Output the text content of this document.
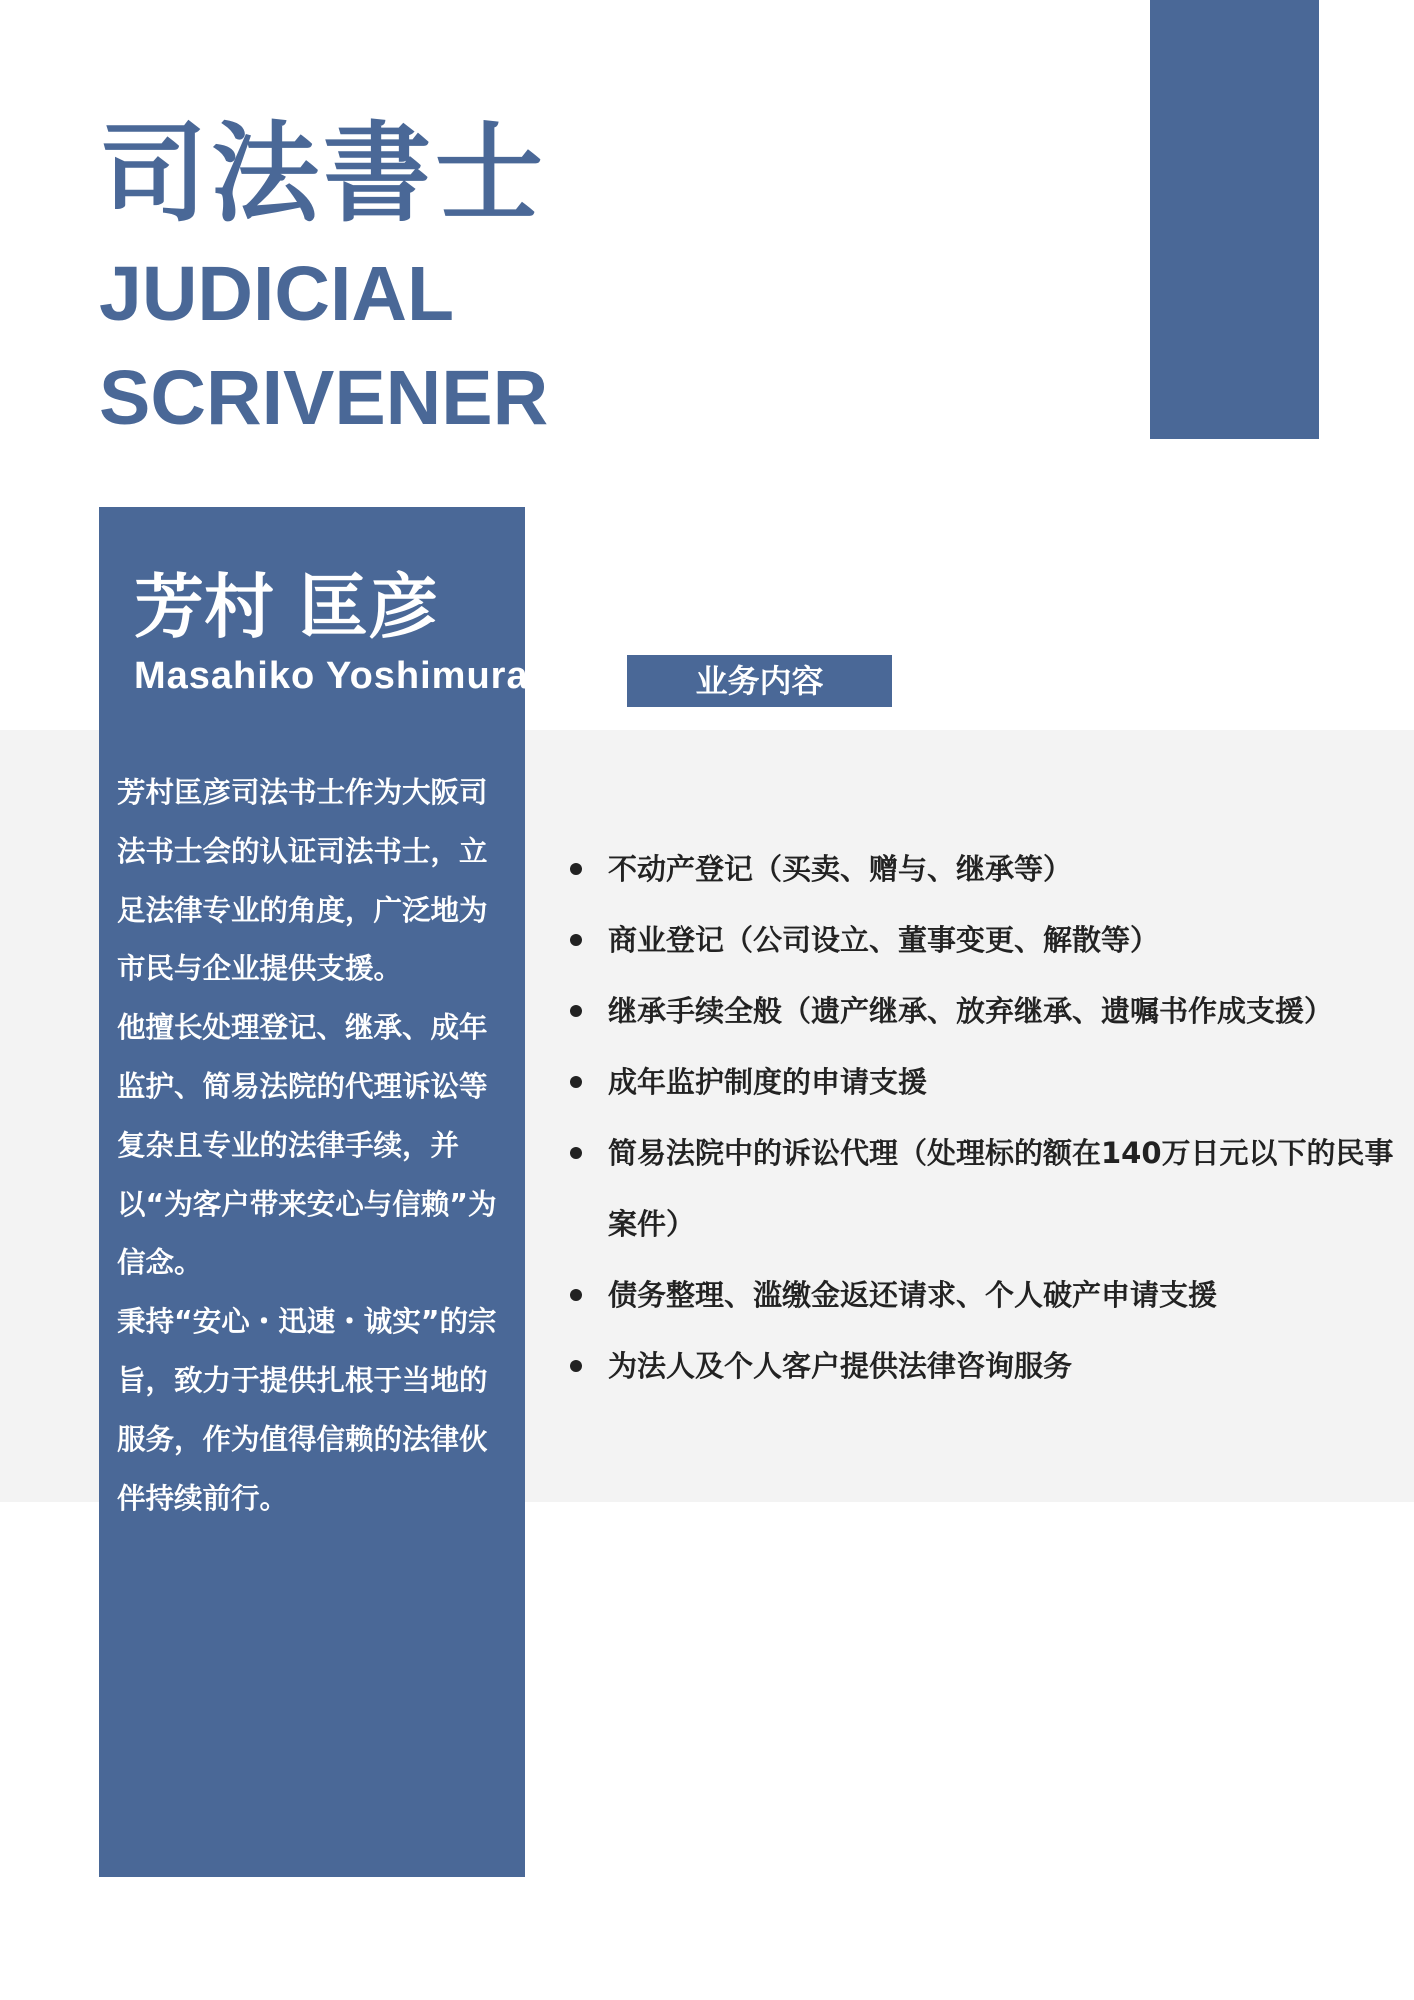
司法書士
JUDICIAL
SCRIVENER
芳村 匡彦
Masahiko Yoshimura

芳村匡彦司法书士作为大阪司法书士会的认证司法书士，立足法律专业的角度，广泛地为市民与企业提供支援。

他擅长处理登记、继承、成年监护、简易法院的代理诉讼等复杂且专业的法律手续，并以“为客户带来安心与信赖”为信念。

秉持“安心・迅速・诚实”的宗旨，致力于提供扎根于当地的服务，作为值得信赖的法律伙伴持续前行。

业务内容
不动产登记（买卖、赠与、继承等）
商业登记（公司设立、董事变更、解散等）
继承手续全般（遗产继承、放弃继承、遗嘱书作成支援）
成年监护制度的申请支援
简易法院中的诉讼代理（处理标的额在140万日元以下的民事案件）
债务整理、滥缴金返还请求、个人破产申请支援
为法人及个人客户提供法律咨询服务
